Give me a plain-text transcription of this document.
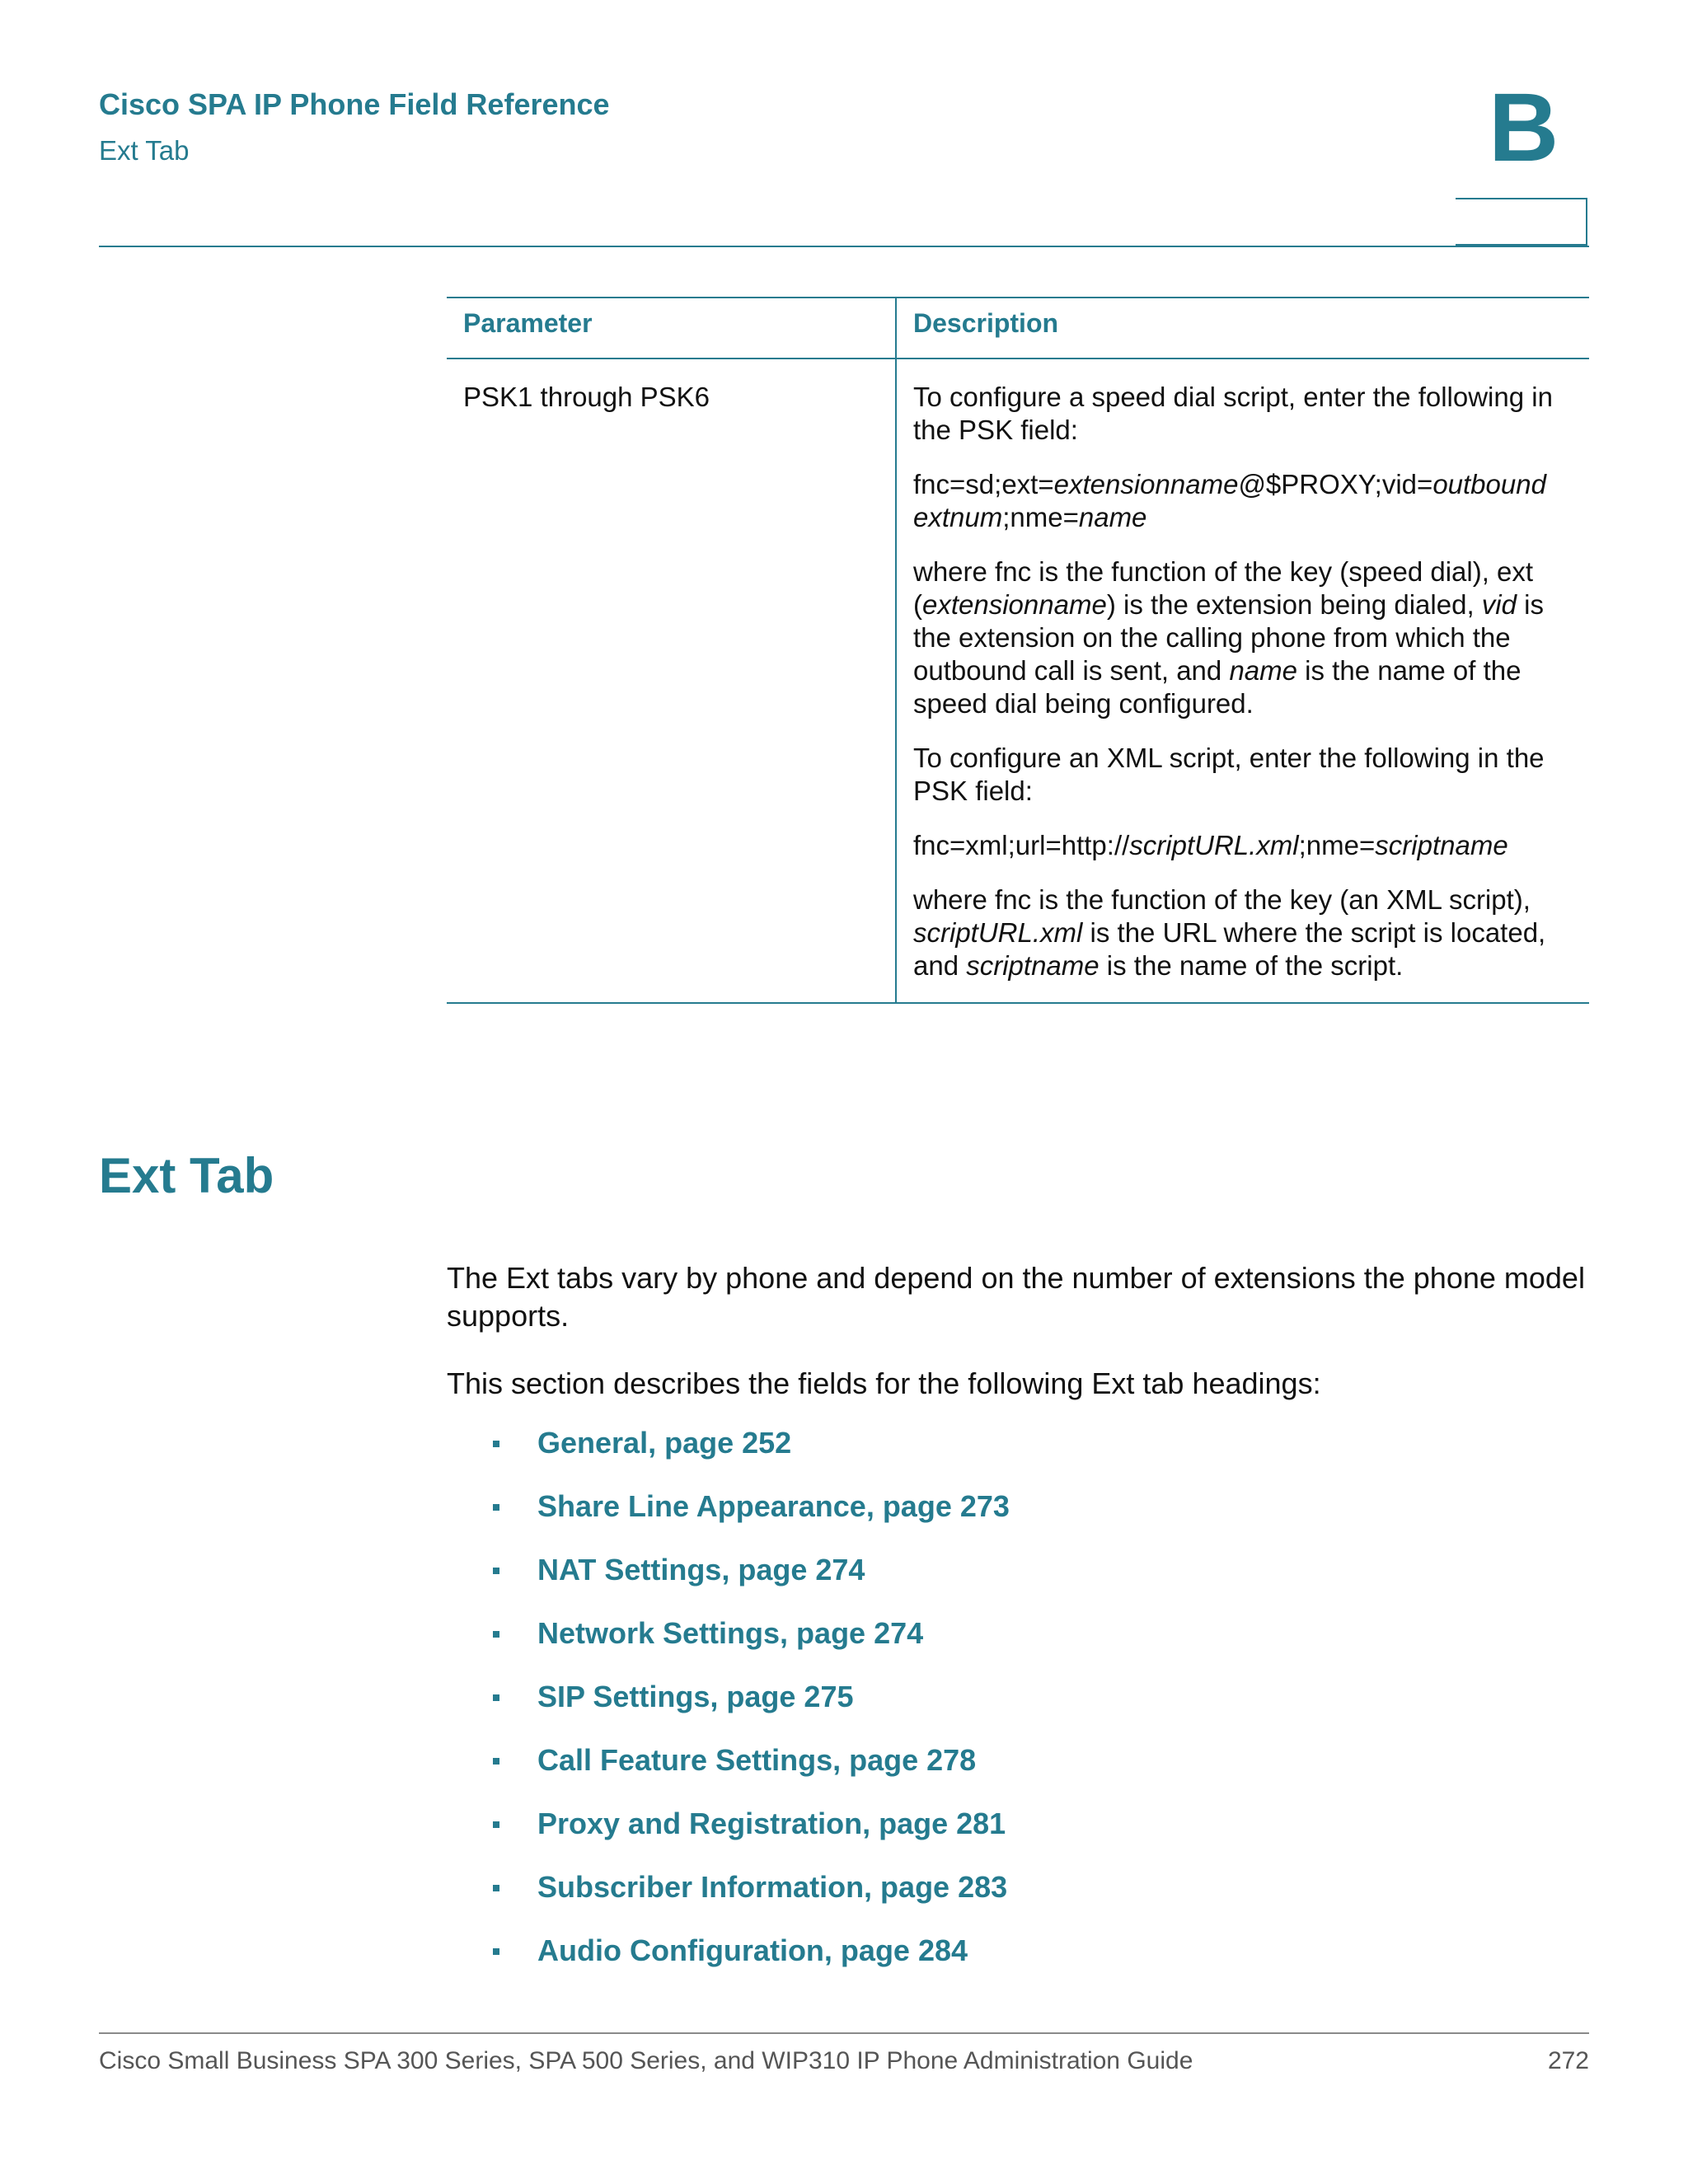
Cisco SPA IP Phone Field Reference
Ext Tab	B
Parameter	Description
PSK1 through PSK6	To configure a speed dial script, enter the following in the PSK field:

fnc=sd;ext=extensionname@$PROXY;vid=outbound extnum;nme=name

where fnc is the function of the key (speed dial), ext (extensionname) is the extension being dialed, vid is the extension on the calling phone from which the outbound call is sent, and name is the name of the speed dial being configured.

To configure an XML script, enter the following in the PSK field:

fnc=xml;url=http://scriptURL.xml;nme=scriptname

where fnc is the function of the key (an XML script), scriptURL.xml is the URL where the script is located, and scriptname is the name of the script.

Ext Tab

The Ext tabs vary by phone and depend on the number of extensions the phone model supports.

This section describes the fields for the following Ext tab headings:

General, page 252
Share Line Appearance, page 273
NAT Settings, page 274
Network Settings, page 274
SIP Settings, page 275
Call Feature Settings, page 278
Proxy and Registration, page 281
Subscriber Information, page 283
Audio Configuration, page 284
Cisco Small Business SPA 300 Series, SPA 500 Series, and WIP310 IP Phone Administration Guide	272
